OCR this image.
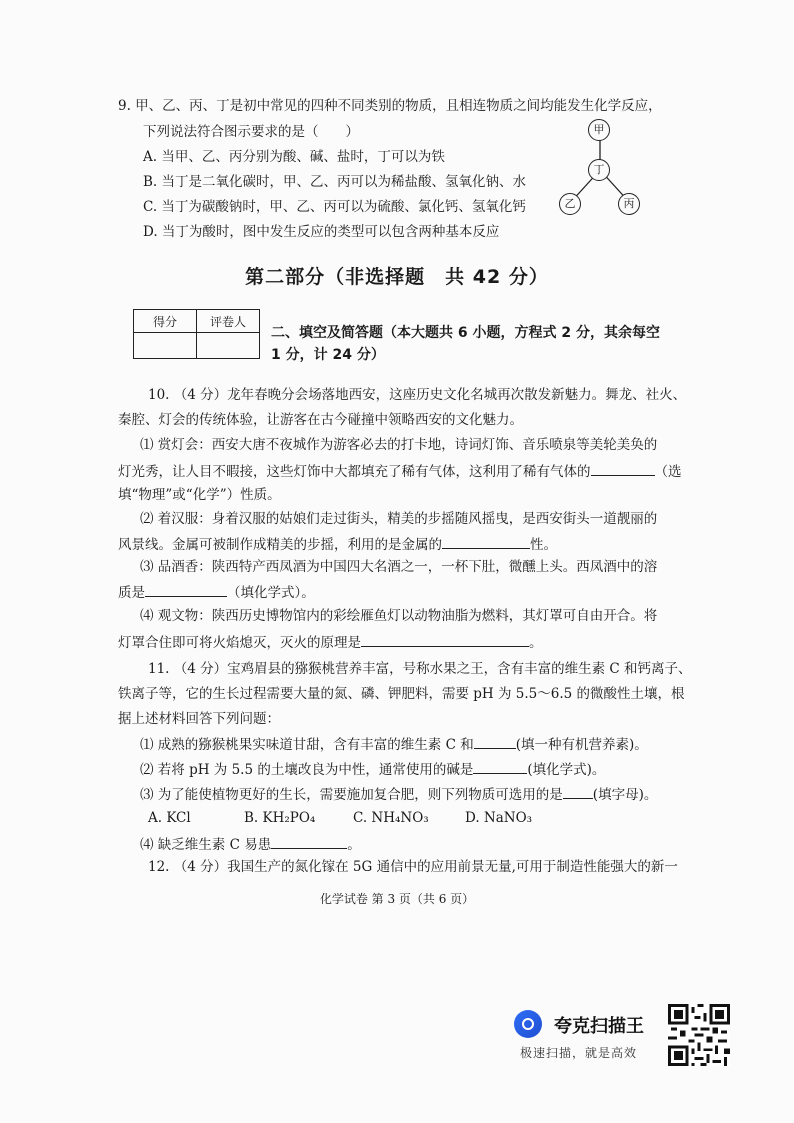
9. 甲、乙、丙、丁是初中常见的四种不同类别的物质，且相连物质之间均能发生化学反应，
下列说法符合图示要求的是（　　）
A. 当甲、乙、丙分别为酸、碱、盐时，丁可以为铁
B. 当丁是二氧化碳时，甲、乙、丙可以为稀盐酸、氢氧化钠、水
C. 当丁为碳酸钠时，甲、乙、丙可以为硫酸、氯化钙、氢氧化钙
D. 当丁为酸时，图中发生反应的类型可以包含两种基本反应
甲
丁
乙	丙
第二部分（非选择题　共 42 分）
得分	评卷人

二、填空及简答题（本大题共 6 小题，方程式 2 分，其余每空
1 分，计 24 分）
10. （4 分）龙年春晚分会场落地西安，这座历史文化名城再次散发新魅力。舞龙、社火、
秦腔、灯会的传统体验，让游客在古今碰撞中领略西安的文化魅力。
⑴ 赏灯会：西安大唐不夜城作为游客必去的打卡地，诗词灯饰、音乐喷泉等美轮美奂的
灯光秀，让人目不暇接，这些灯饰中大都填充了稀有气体，这利用了稀有气体的	（选
填“物理”或“化学”）性质。
⑵ 着汉服：身着汉服的姑娘们走过街头，精美的步摇随风摇曳，是西安街头一道靓丽的
风景线。金属可被制作成精美的步摇，利用的是金属的	性。
⑶ 品酒香：陕西特产西凤酒为中国四大名酒之一，一杯下肚，微醺上头。西凤酒中的溶
质是	（填化学式）。
⑷ 观文物：陕西历史博物馆内的彩绘雁鱼灯以动物油脂为燃料，其灯罩可自由开合。将
灯罩合住即可将火焰熄灭，灭火的原理是	。
11. （4 分）宝鸡眉县的猕猴桃营养丰富，号称水果之王，含有丰富的维生素 C 和钙离子、
铁离子等，它的生长过程需要大量的氮、磷、钾肥料，需要 pH 为 5.5～6.5 的微酸性土壤，根
据上述材料回答下列问题：
⑴ 成熟的猕猴桃果实味道甘甜，含有丰富的维生素 C 和	(填一种有机营养素)。
⑵ 若将 pH 为 5.5 的土壤改良为中性，通常使用的碱是	(填化学式)。
⑶ 为了能使植物更好的生长，需要施加复合肥，则下列物质可选用的是 (填字母)。
A. KCl	B. KH₂PO₄	C. NH₄NO₃	D. NaNO₃
⑷ 缺乏维生素 C 易患	。
12. （4 分）我国生产的氮化镓在 5G 通信中的应用前景无量,可用于制造性能强大的新一
化学试卷 第 3 页（共 6 页）
夸克扫描王
极速扫描，就是高效
